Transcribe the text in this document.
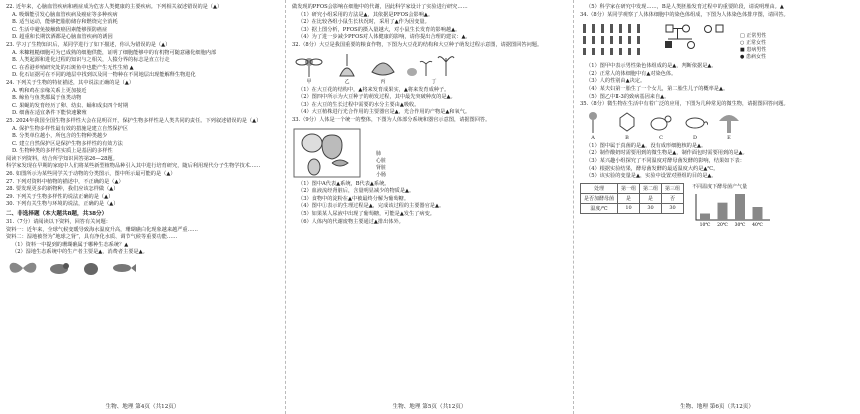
22. 近年来，心脑血管疾病和癌症成为危害人类健康的主要疾病。下列相关叙述错误的是（▲）

A. 吸烟能引发心脑血管疾病及癌症等多种疾病

B. 适当运动，能够把脂肪储存和燃烧完全消耗

C. 生活中避免接触致癌因素能够预防癌症

D. 超重和长期饮酒都是心脑血管疾病的诱因

23. 学习了生物知识后，某同学进行了如下描述，你认为错误的是（▲）

A. 米糠粗糙细胞可为已成熟的细胞供能，证明了细胞能够中的有机物可随意融化细胞内部

B. 人类起源和进化过程的知识与之相关，人猿分界的标志是直立行走

C. 在香港养殖研究处的石斑鱼中也能产生无性生殖 ▲

D. 化石证据可在不同的地层中找到以及同一物种在不同地层出现能解释生物进化

24. 下列关于生物的特征描述，其中说法正确的是（▲）

A. 鸭和鸡在亲缘关系上更加接近

B. 鲸鱼与鱼类都属于鱼类动物

C. 果蝇的发育经历了卵、幼虫、蛹和成虫四个时期

D. 细菌在适宜条件下能快速繁殖

25. 2024年我国全国生物多样性大会在昆明召开，保护生物多样性是人类共同的责任。下列叙述错误的是（▲）

A. 保护生物多样性最有效的措施是建立自然保护区

B. 分类单位越小，所包含的生物种类越少

C. 建立自然保护区是保护生物多样性的有效方法

D. 生物种类的多样性实质上是基因的多样性

阅读下列资料，结合所学知识回答第26—28题。

科学家发现在早期的家庭中人们将某些新型植物品种引入其中进行培育研究，随后利用现代分子生物学技术……

26. 如图所示为某些同学关于动物的分类图示，图中所示最可能的是（▲）

27. 下列对资料中植物的描述中，不正确的是（▲）

28. 要发现更多的新物种，我们应该怎样做（▲）

29. 下列关于生物多样性的说法正确的是（▲）

30. 下列有关生物与环境的说法，正确的是（▲）

二、非选择题（本大题共8题，共38分）

31.（7分）请阅读以下资料，回答有关问题：

资料一：近年来，全球气候变暖导致海水温度升高，珊瑚礁白化现象越来越严重……

资料二：湿地被誉为“地球之肾”，具有净化水质、调节气候等重要功能……

（1）资料一中提到的珊瑚礁属于哪种生态系统？▲

（2）湿地生态系统中的生产者主要是▲，消费者主要是▲。

生物、地理 第4页（共12页）

做发现的PFOS会影响在细胞中的代谢，因此科学家设计了实验进行研究……

（1）研究小组采用的方法是▲，其依据是PFOS会影响▲。

（2）在比较各组小鼠生长状况时，采用了▲作为因变量。

（3）据上图分析，PFOS的摄入量越大，对小鼠生长发育的影响越▲。

（4）为了进一步减少PFOS对人体健康的影响，请你提出合理的建议：▲。

32.（8分）大豆是我国重要的粮食作物，下图为大豆花的结构和大豆种子萌发过程示意图，请据图回答问题。

甲	乙	丙	丁

（1）在大豆花的结构中，▲将来发育成果实，▲将来发育成种子。

（2）图四中所示为大豆种子的萌发过程，其中最先突破种皮的是▲。

（3）在大豆的生长过程中需要的水分主要由▲吸收。

（4）大豆植株进行光合作用的主要器官是▲，光合作用的产物是▲和氧气。

33.（9分）人体是一个统一的整体，下图为人体部分系统和器官示意图，请据图回答。

肺
心脏
肾脏
小肠

（1）图中A代表▲系统，B代表▲系统。

（2）血液流经肾脏后，含量明显减少的物质是▲。

（3）食物中的淀粉在▲中被最终分解为葡萄糖。

（4）图中①表示的生理过程是▲，完成该过程的主要器官是▲。

（5）如果某人尿液中出现了葡萄糖，可能是▲发生了病变。

（6）人体内的代谢废物主要通过▲排出体外。

生物、地理 第5页（共12页）

（5）科学家在研究中发现……，B是人类胚胎发育过程中的重要阶段，请说明理由。▲

34.（8分）某同学观察了人体体细胞中的染色体组成，下图为人体染色体排序图，请回答。

□ 正常男性
○ 正常女性
■ 患病男性
● 患病女性

（1）图甲中表示男性染色体组成的是▲，判断依据是▲。

（2）正常人的体细胞中有▲对染色体。

（3）人的性别由▲决定。

（4）某夫妇第一胎生了一个女儿，第二胎生儿子的概率是▲。

（5）图乙中Ⅱ-3的致病基因来自▲。

35.（8分）微生物在生活中有着广泛的应用，下图为几种常见的微生物，请据图回答问题。

A	B	C	D	E

（1）图中属于真菌的是▲，没有成形细胞核的是▲。

（2）制作酸奶时需要用到的微生物是▲，制作面包时需要用到的是▲。

（3）某兴趣小组探究了不同温度对酵母菌发酵的影响，结果如下表：

（4）根据实验结果，酵母菌发酵的最适温度大约是▲℃。

（5）该实验的变量是▲，实验中设置对照组的目的是▲。

处理	第一组	第二组	第三组
是否加酵母菌	是	是	否
温度/℃	10	30	30
不同温度下酵母菌产气量
10℃ 20℃ 30℃ 40℃
生物、地理 第6页（共12页）
